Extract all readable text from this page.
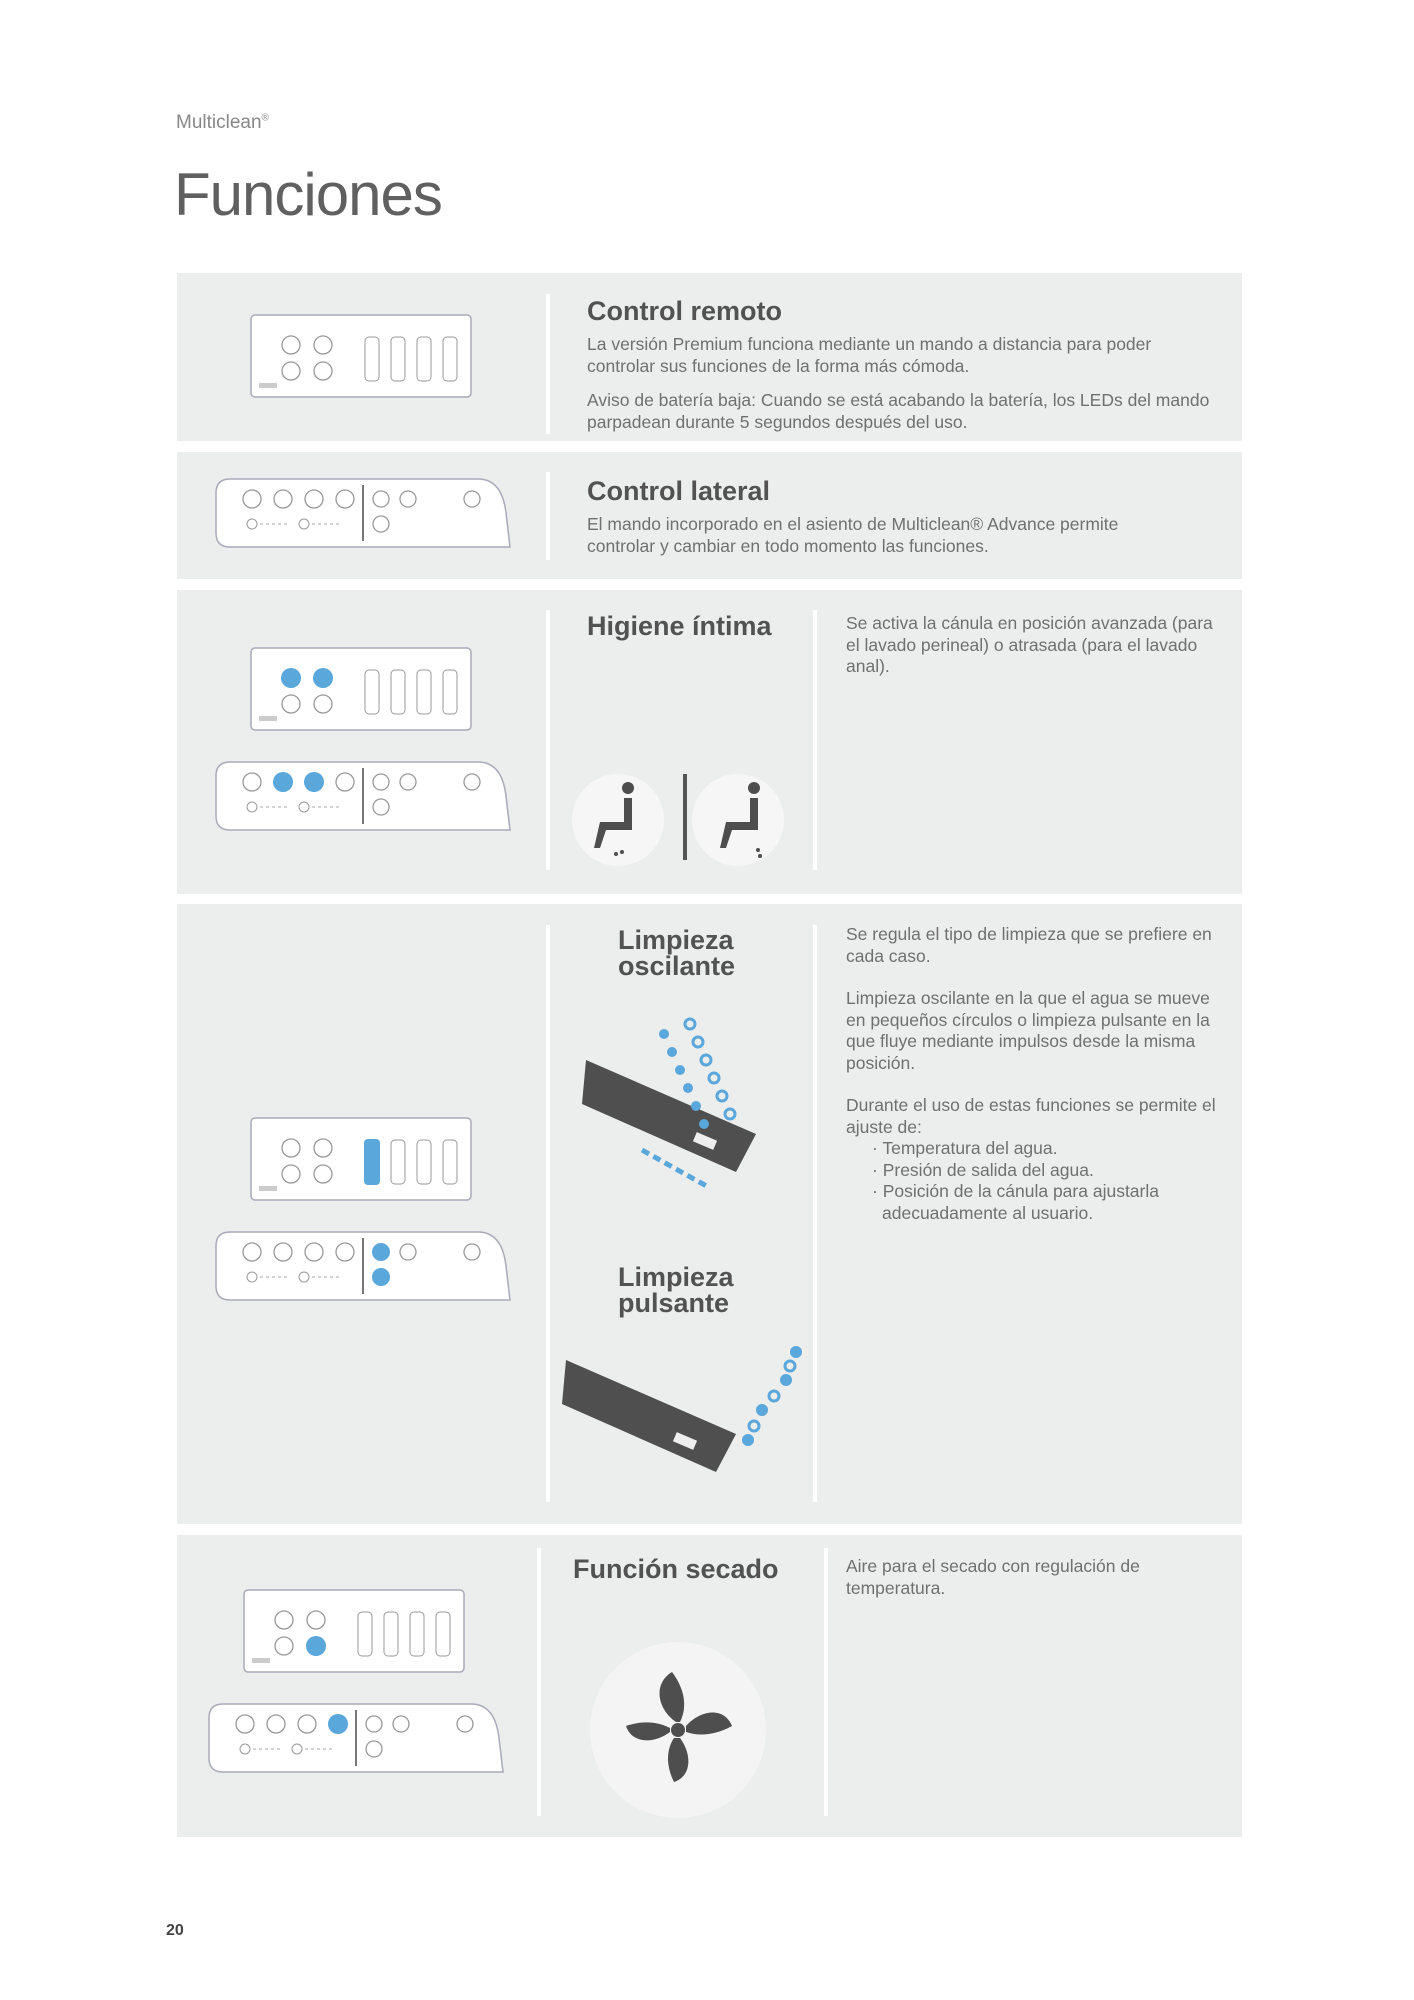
Multiclean®
Funciones
Control remoto
La versión Premium funciona mediante un mando a distancia para poder controlar sus funciones de la forma más cómoda.
Aviso de batería baja: Cuando se está acabando la batería, los LEDs del mando parpadean durante 5 segundos después del uso.
Control lateral
El mando incorporado en el asiento de Multiclean® Advance permite controlar y cambiar en todo momento las funciones.
Higiene íntima	Se activa la cánula en posición avanzada (para el lavado perineal) o atrasada (para el lavado anal).
Limpieza
oscilante
Limpieza
pulsante
Se regula el tipo de limpieza que se prefiere en cada caso.
Limpieza oscilante en la que el agua se mueve en pequeños círculos o limpieza pulsante en la que fluye mediante impulsos desde la misma posición.
Durante el uso de estas funciones se permite el ajuste de:
· Temperatura del agua.
· Presión de salida del agua.
· Posición de la cánula para ajustarla adecuadamente al usuario.
Función secado	Aire para el secado con regulación de temperatura.
20
